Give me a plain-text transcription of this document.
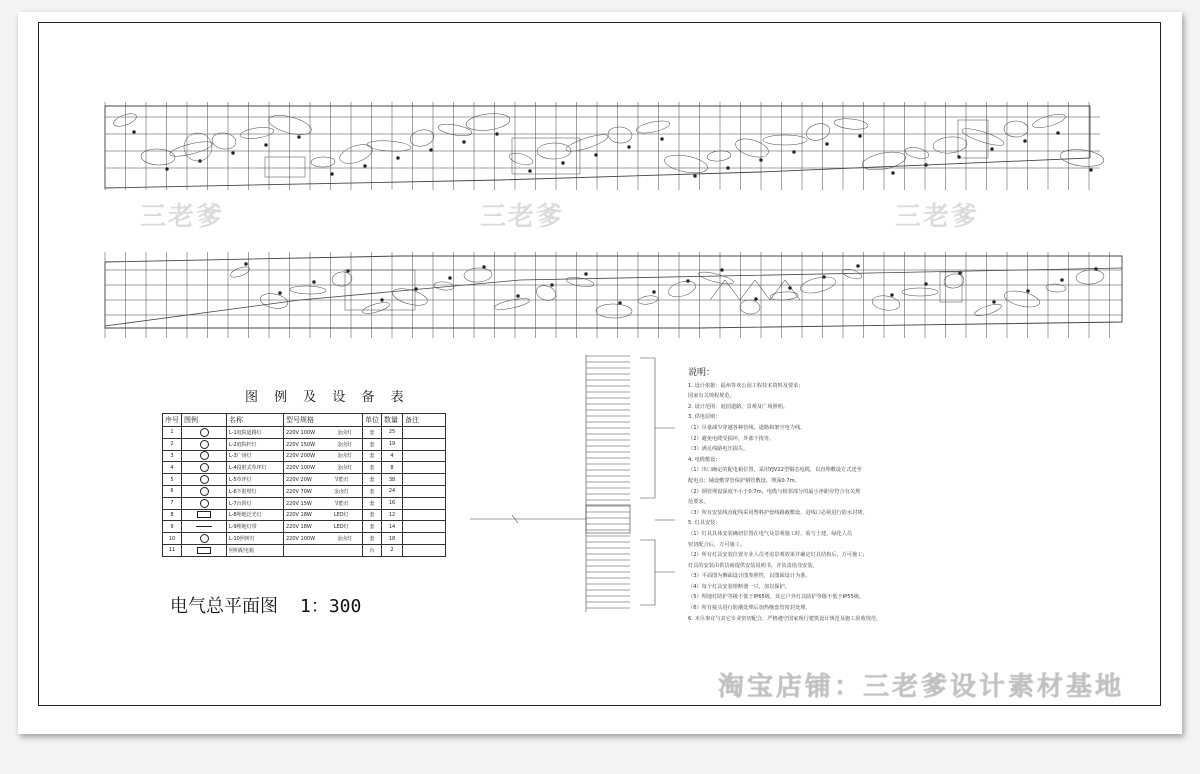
三老爹	三老爹	三老爹
图 例 及 设 备 表
序号	图例	名称	型号规格	单位	数量	备注
1		L-1庭院道路灯	220V 100W 金卤灯	套	25	
2		L-2庭院杆灯	220V 150W 金卤灯	套	19	
3		L-3广场灯	220V 200W 金卤灯	套	4	
4		L-4投射式草坪灯	220V 100W 金卤灯	套	8	
5		L-5草坪灯	220V 20W 节能灯	套	38	
6		L-6下射壁灯	220V 70W 金卤灯	套	24	
7		L-7台阶灯	220V 15W 节能灯	套	16	
8		L-8埋地泛光灯	220V 18W LED灯	套	12	
9		L-9埋地灯带	220V 18W LED灯	套	14	
10		L-10照树灯	220V 100W 金卤灯	套	18	
11		照明配电箱		台	2	
电气总平面图 1：300
说明：
1. 设计依据：福州等欢公园工程技术资料及要求；
国家有关规程规范。
2. 设计范围：庭园道路、景观及广场照明。
3. 供电原则：
（1）尽量减少穿越各种管线、道路和架空电力线。
（2）避免电缆受损坏，外部干扰等。
（3）满足线路电压损失。
4. 电缆敷设：
（1）出口确定的配电箱位置，采用YJV22型铜芯电缆，以直埋敷设方式送至
配电点；铺设敷穿管保护钢管敷设，埋深0.7m。
（2）钢管埋设深度不小于0.7m，电缆与相邻部分的最小净距应符合有关规
范要求。
（3）所有安装线直配线采用塑料护套线路截敷设，进线口必须进行防水封堵。
5. 灯具安装：
（1）灯具具体安装确切位置在电气及景观施工时，需与土建、绿化人员
密切配合后，方可施工。
（2）所有灯具安装位置专业人员考虑景观效果并确定灯具结构后，方可施工；
灯具的安装由供货商提供安装说明书，并负责指导安装。
（3）平面图为侧面设计图参照性，以图面设计为准。
（4）每个灯具安装熔断器一只，加以保护。
（5）埋地灯防护等级不低于IP65级，其它户外灯具防护等级不低于IP55级。
（6）所有接头进行防潮处理后加热缩套管密封处理。
6. 未尽事宜与其它专业密切配合，严格遵守国家现行建筑设计规范及施工验收规范。
淘宝店铺：三老爹设计素材基地
